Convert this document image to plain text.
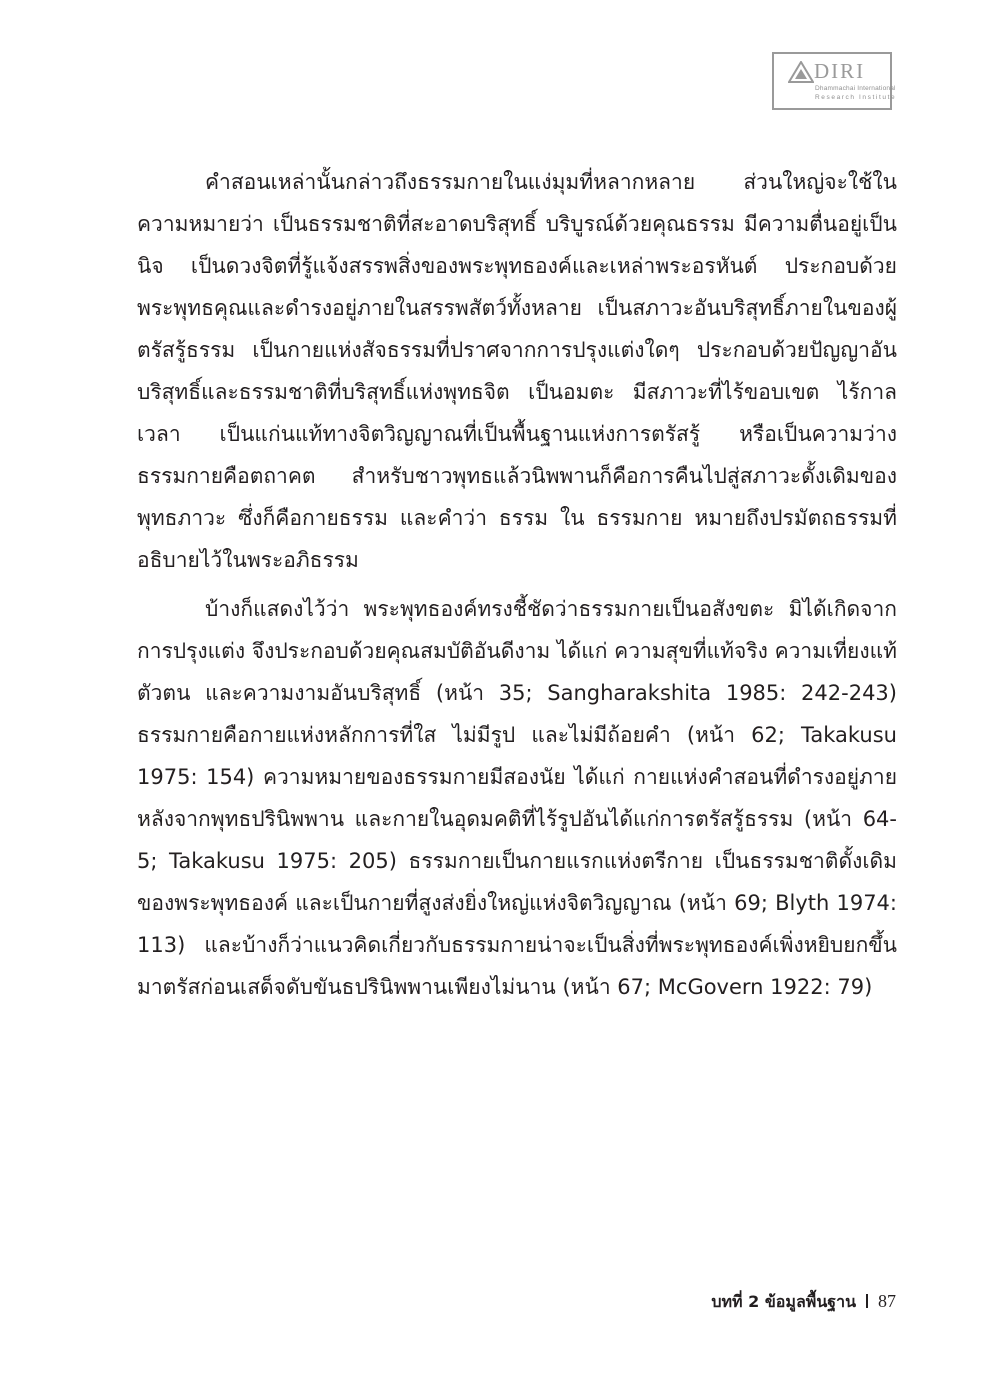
DIRI
Dhammachai International
Research Institute

คำสอนเหล่านั้นกล่าวถึงธรรมกายในแง่มุมที่หลากหลาย ส่วนใหญ่จะใช้ในความหมายว่า เป็นธรรมชาติที่สะอาดบริสุทธิ์ บริบูรณ์ด้วยคุณธรรม มีความตื่นอยู่เป็นนิจ เป็นดวงจิตที่รู้แจ้งสรรพสิ่งของพระพุทธองค์และเหล่าพระอรหันต์ ประกอบด้วยพระพุทธคุณและดำรงอยู่ภายในสรรพสัตว์ทั้งหลาย เป็นสภาวะอันบริสุทธิ์ภายในของผู้ตรัสรู้ธรรม เป็นกายแห่งสัจธรรมที่ปราศจากการปรุงแต่งใดๆ ประกอบด้วยปัญญาอันบริสุทธิ์และธรรมชาติที่บริสุทธิ์แห่งพุทธจิต เป็นอมตะ มีสภาวะที่ไร้ขอบเขต ไร้กาลเวลา เป็นแก่นแท้ทางจิตวิญญาณที่เป็นพื้นฐานแห่งการตรัสรู้ หรือเป็นความว่าง ธรรมกายคือตถาคต สำหรับชาวพุทธแล้วนิพพานก็คือการคืนไปสู่สภาวะดั้งเดิมของพุทธภาวะ ซึ่งก็คือกายธรรม และคำว่า ธรรม ใน ธรรมกาย หมายถึงปรมัตถธรรมที่อธิบายไว้ในพระอภิธรรม

บ้างก็แสดงไว้ว่า พระพุทธองค์ทรงชี้ชัดว่าธรรมกายเป็นอสังขตะ มิได้เกิดจากการปรุงแต่ง จึงประกอบด้วยคุณสมบัติอันดีงาม ได้แก่ ความสุขที่แท้จริง ความเที่ยงแท้ ตัวตน และความงามอันบริสุทธิ์ (หน้า 35; Sangharakshita 1985: 242-243) ธรรมกายคือกายแห่งหลักการที่ใส ไม่มีรูป และไม่มีถ้อยคำ (หน้า 62; Takakusu 1975: 154) ความหมายของธรรมกายมีสองนัย ได้แก่ กายแห่งคำสอนที่ดำรงอยู่ภายหลังจากพุทธปรินิพพาน และกายในอุดมคติที่ไร้รูปอันได้แก่การตรัสรู้ธรรม (หน้า 64-5; Takakusu 1975: 205) ธรรมกายเป็นกายแรกแห่งตรีกาย เป็นธรรมชาติดั้งเดิมของพระพุทธองค์ และเป็นกายที่สูงส่งยิ่งใหญ่แห่งจิตวิญญาณ (หน้า 69; Blyth 1974: 113) และบ้างก็ว่าแนวคิดเกี่ยวกับธรรมกายน่าจะเป็นสิ่งที่พระพุทธองค์เพิ่งหยิบยกขึ้นมาตรัสก่อนเสด็จดับขันธปรินิพพานเพียงไม่นาน (หน้า 67; McGovern 1922: 79)

บทที่ 2 ข้อมูลพื้นฐาน 87
